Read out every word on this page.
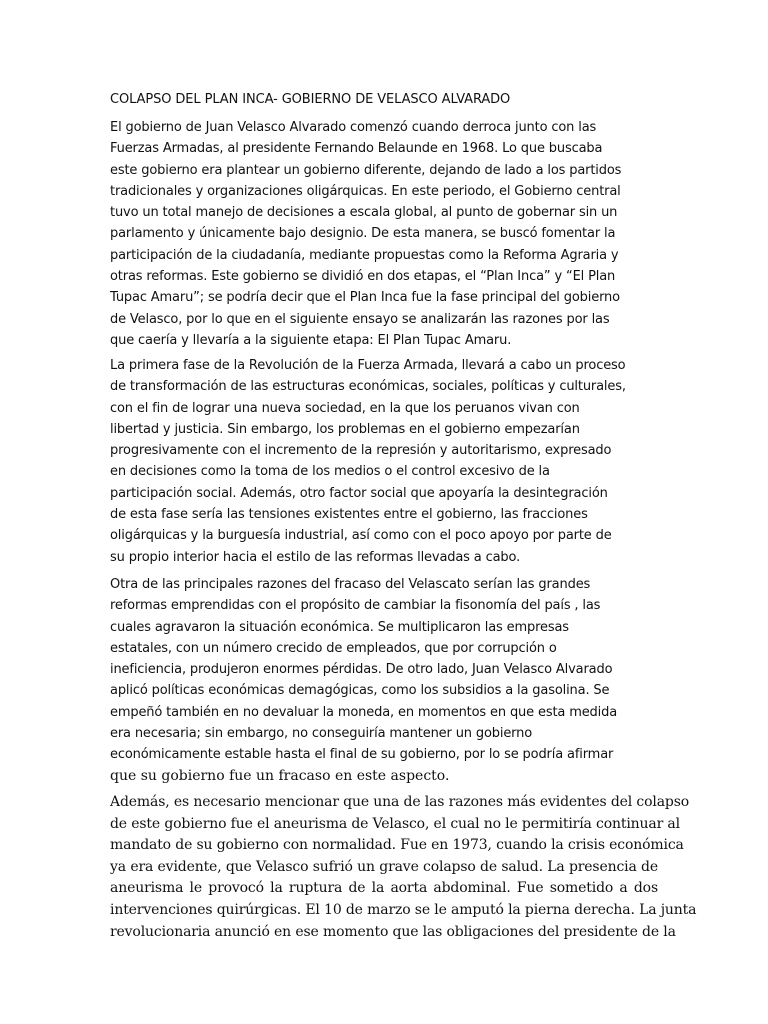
COLAPSO DEL PLAN INCA- GOBIERNO DE VELASCO ALVARADO

El gobierno de Juan Velasco Alvarado comenzó cuando derroca junto con las
Fuerzas Armadas, al presidente Fernando Belaunde en 1968. Lo que buscaba
este gobierno era plantear un gobierno diferente, dejando de lado a los partidos
tradicionales y organizaciones oligárquicas. En este periodo, el Gobierno central
tuvo un total manejo de decisiones a escala global, al punto de gobernar sin un
parlamento y únicamente bajo designio. De esta manera, se buscó fomentar la
participación de la ciudadanía, mediante propuestas como la Reforma Agraria y
otras reformas. Este gobierno se dividió en dos etapas, el “Plan Inca” y “El Plan
Tupac Amaru”; se podría decir que el Plan Inca fue la fase principal del gobierno
de Velasco, por lo que en el siguiente ensayo se analizarán las razones por las
que caería y llevaría a la siguiente etapa: El Plan Tupac Amaru.

La primera fase de la Revolución de la Fuerza Armada, llevará a cabo un proceso
de transformación de las estructuras económicas, sociales, políticas y culturales,
con el fin de lograr una nueva sociedad, en la que los peruanos vivan con
libertad y justicia. Sin embargo, los problemas en el gobierno empezarían
progresivamente con el incremento de la represión y autoritarismo, expresado
en decisiones como la toma de los medios o el control excesivo de la
participación social. Además, otro factor social que apoyaría la desintegración
de esta fase sería las tensiones existentes entre el gobierno, las fracciones
oligárquicas y la burguesía industrial, así como con el poco apoyo por parte de
su propio interior hacia el estilo de las reformas llevadas a cabo.

Otra de las principales razones del fracaso del Velascato serían las grandes
reformas emprendidas con el propósito de cambiar la fisonomía del país , las
cuales agravaron la situación económica. Se multiplicaron las empresas
estatales, con un número crecido de empleados, que por corrupción o
ineficiencia, produjeron enormes pérdidas. De otro lado, Juan Velasco Alvarado
aplicó políticas económicas demagógicas, como los subsidios a la gasolina. Se
empeñó también en no devaluar la moneda, en momentos en que esta medida
era necesaria; sin embargo, no conseguiría mantener un gobierno
económicamente estable hasta el final de su gobierno, por lo se podría afirmar
que su gobierno fue un fracaso en este aspecto.

Además, es necesario mencionar que una de las razones más evidentes del colapso
de este gobierno fue el aneurisma de Velasco, el cual no le permitiría continuar al
mandato de su gobierno con normalidad. Fue en 1973, cuando la crisis económica
ya era evidente, que Velasco sufrió un grave colapso de salud. La presencia de
aneurisma le provocó la ruptura de la aorta abdominal. Fue sometido a dos
intervenciones quirúrgicas. El 10 de marzo se le amputó la pierna derecha. La junta
revolucionaria anunció en ese momento que las obligaciones del presidente de la
